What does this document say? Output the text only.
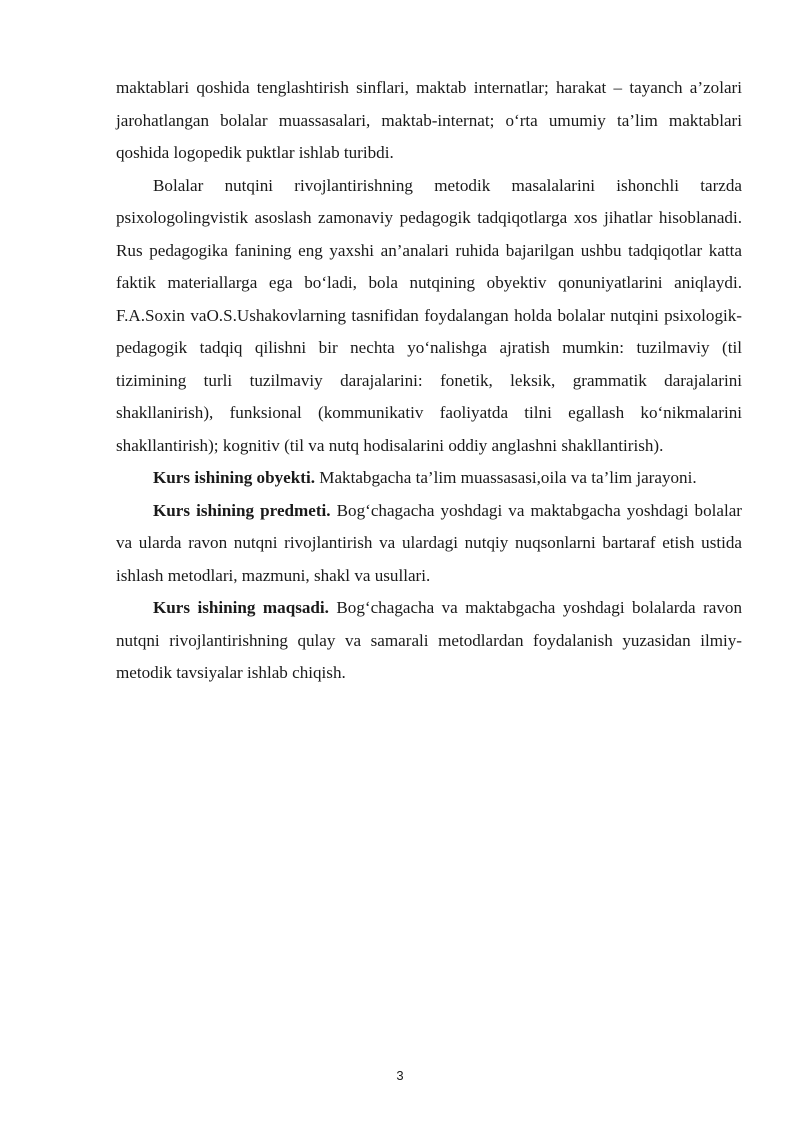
maktablari qoshida tenglashtirish sinflari, maktab internatlar; harakat – tayanch a’zolari jarohatlangan bolalar muassasalari, maktab-internat; o‘rta umumiy ta’lim maktablari qoshida logopedik puktlar ishlab turibdi.

Bolalar nutqini rivojlantirishning metodik masalalarini ishonchli tarzda psixologolingvistik asoslash zamonaviy pedagogik tadqiqotlarga xos jihatlar hisoblanadi. Rus pedagogika fanining eng yaxshi an’analari ruhida bajarilgan ushbu tadqiqotlar katta faktik materiallarga ega bo‘ladi, bola nutqining obyektiv qonuniyatlarini aniqlaydi. F.A.Soxin vaO.S.Ushakovlarning tasnifidan foydalangan holda bolalar nutqini psixologik-pedagogik tadqiq qilishni bir nechta yo‘nalishga ajratish mumkin: tuzilmaviy (til tizimining turli tuzilmaviy darajalarini: fonetik, leksik, grammatik darajalarini shakllanirish), funksional (kommunikativ faoliyatda tilni egallash ko‘nikmalarini shakllantirish); kognitiv (til va nutq hodisalarini oddiy anglashni shakllantirish).

Kurs ishining obyekti. Maktabgacha ta’lim muassasasi,oila va ta’lim jarayoni.

Kurs ishining predmeti. Bog‘chagacha yoshdagi va maktabgacha yoshdagi bolalar va ularda ravon nutqni rivojlantirish va ulardagi nutqiy nuqsonlarni bartaraf etish ustida ishlash metodlari, mazmuni, shakl va usullari.

Kurs ishining maqsadi. Bog‘chagacha va maktabgacha yoshdagi bolalarda ravon nutqni rivojlantirishning qulay va samarali metodlardan foydalanish yuzasidan ilmiy-metodik tavsiyalar ishlab chiqish.

3
